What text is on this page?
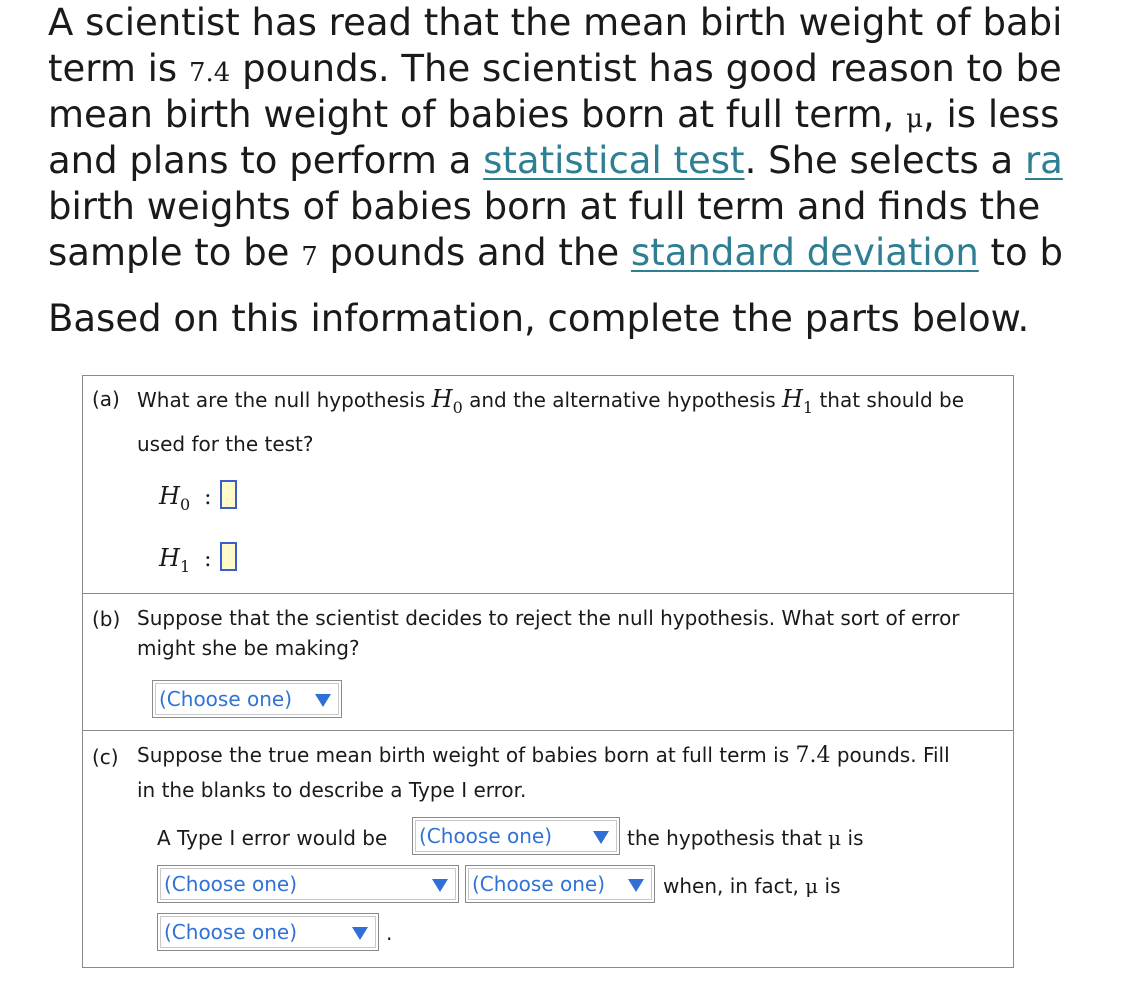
A scientist has read that the mean birth weight of babi
term is 7.4 pounds. The scientist has good reason to be
mean birth weight of babies born at full term, μ, is less
and plans to perform a statistical test. She selects a ra
birth weights of babies born at full term and finds the
sample to be 7 pounds and the standard deviation to b
Based on this information, complete the parts below.
(a) What are the null hypothesis $H_0$ and the alternative hypothesis $H_1$ that should be
used for the test?
$H_0$ :
$H_1$ :
(b) Suppose that the scientist decides to reject the null hypothesis. What sort of error
might she be making?
(Choose one)
(c) Suppose the true mean birth weight of babies born at full term is 7.4 pounds. Fill
in the blanks to describe a Type I error.
A Type I error would be (Choose one)	the hypothesis that μ is
(Choose one)	(Choose one)	when, in fact, μ is
(Choose one)	.
